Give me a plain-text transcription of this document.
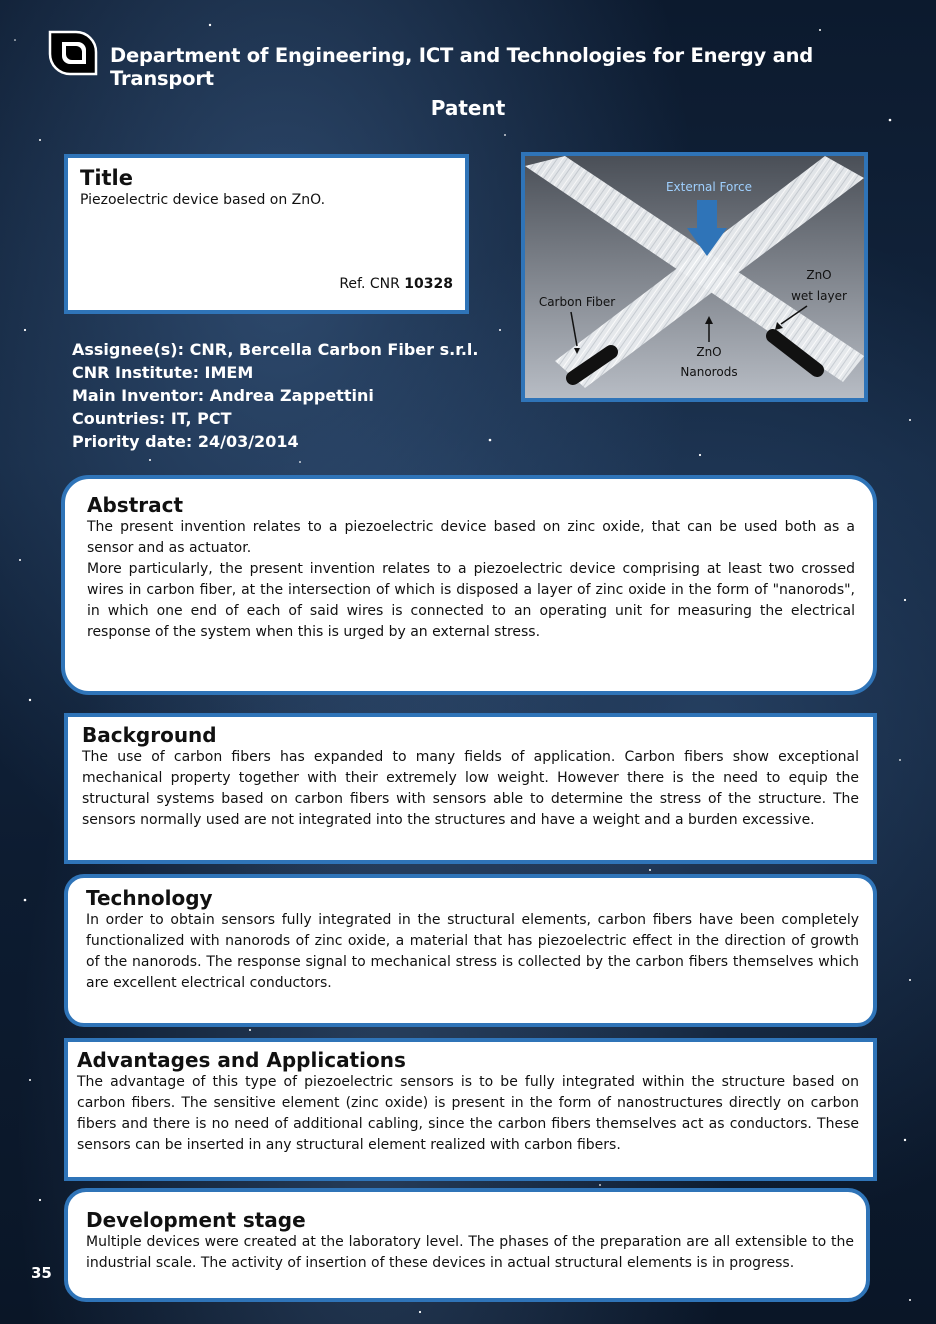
Department of Engineering, ICT and Technologies for Energy and Transport
Patent
Title

Piezoelectric device based on ZnO.

Ref. CNR 10328
External Force
Carbon Fiber
ZnO
wet layer
ZnO
Nanorods
Assignee(s): CNR, Bercella Carbon Fiber s.r.l.
CNR Institute: IMEM
Main Inventor: Andrea Zappettini
Countries: IT, PCT
Priority date: 24/03/2014
Abstract

The present invention relates to a piezoelectric device based on zinc oxide, that can be used both as a sensor and as actuator.

More particularly, the present invention relates to a piezoelectric device comprising at least two crossed wires in carbon fiber, at the intersection of which is disposed a layer of zinc oxide in the form of "nanorods", in which one end of each of said wires is connected to an operating unit for measuring the electrical response of the system when this is urged by an external stress.

Background

The use of carbon fibers has expanded to many fields of application. Carbon fibers show exceptional mechanical property together with their extremely low weight. However there is the need to equip the structural systems based on carbon fibers with sensors able to determine the stress of the structure. The sensors normally used are not integrated into the structures and have a weight and a burden excessive.

Technology

In order to obtain sensors fully integrated in the structural elements, carbon fibers have been completely functionalized with nanorods of zinc oxide, a material that has piezoelectric effect in the direction of growth of the nanorods. The response signal to mechanical stress is collected by the carbon fibers themselves which are excellent electrical conductors.

Advantages and Applications

The advantage of this type of piezoelectric sensors is to be fully integrated within the structure based on carbon fibers. The sensitive element (zinc oxide) is present in the form of nanostructures directly on carbon fibers and there is no need of additional cabling, since the carbon fibers themselves act as conductors. These sensors can be inserted in any structural element realized with carbon fibers.

Development stage

Multiple devices were created at the laboratory level. The phases of the preparation are all extensible to the industrial scale. The activity of insertion of these devices in actual structural elements is in progress.

35
